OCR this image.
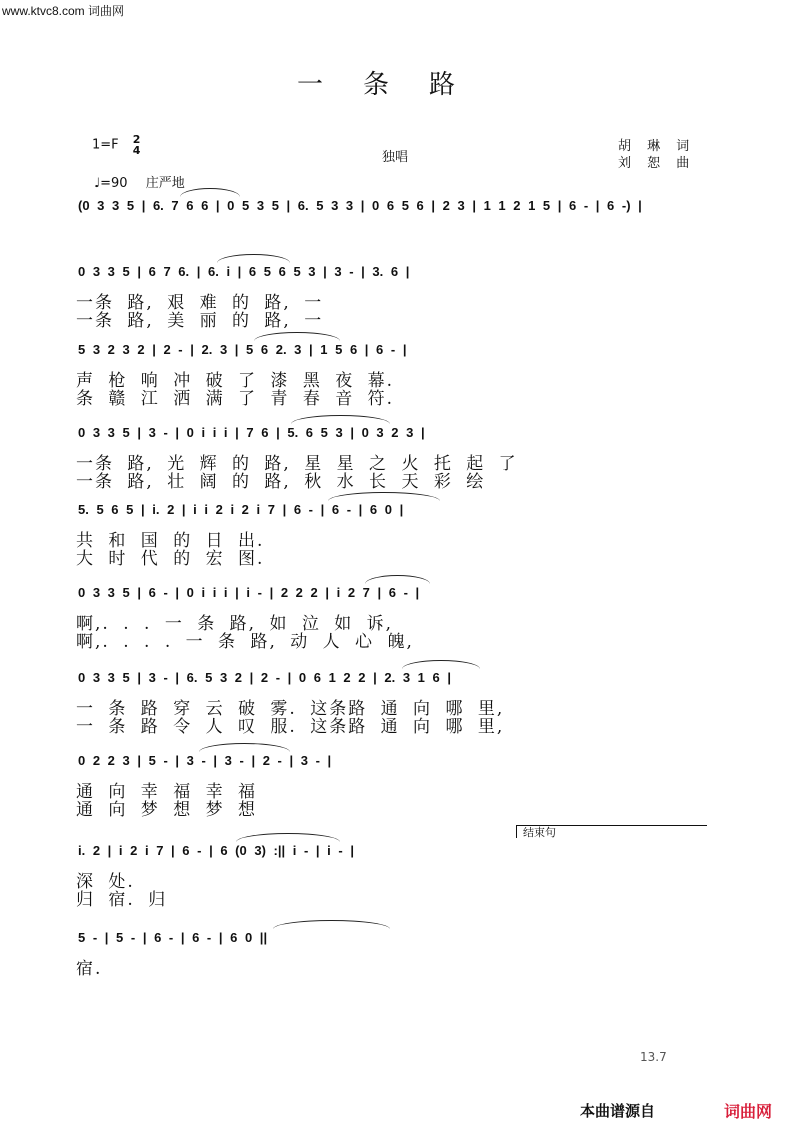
www.ktvc8.com 词曲网
一条路
1=F 2
4	独唱
胡 琳 词
刘 恕 曲
♩=90 庄严地
(0 3 3 5 | 6. 7 6 6 | 0 5 3 5 | 6. 5 3 3 | 0 6 5 6 | 2 3 | 1 1 2 1 5 | 6 - | 6 -) |
0 3 3 5 | 6 7 6. | 6. i | 6 5 6 5 3 | 3 - | 3. 6 |
一条 路, 艰 难 的 路, 一
一条 路, 美 丽 的 路, 一
5 3 2 3 2 | 2 - | 2. 3 | 5 6 2. 3 | 1 5 6 | 6 - |
声 枪 响 冲 破 了 漆 黑 夜 幕.
条 赣 江 洒 满 了 青 春 音 符.
0 3 3 5 | 3 - | 0 i i i | 7 6 | 5. 6 5 3 | 0 3 2 3 |
一条 路, 光 辉 的 路, 星 星 之 火 托 起 了
一条 路, 壮 阔 的 路, 秋 水 长 天 彩 绘
5. 5 6 5 | i. 2 | i i 2 i 2 i 7 | 6 - | 6 - | 6 0 |
共 和 国 的 日 出.
大 时 代 的 宏 图.
0 3 3 5 | 6 - | 0 i i i | i - | 2 2 2 | i 2 7 | 6 - |
啊,. . . 一 条 路, 如 泣 如 诉,
啊,. . . . 一 条 路, 动 人 心 魄,
0 3 3 5 | 3 - | 6. 5 3 2 | 2 - | 0 6 1 2 2 | 2. 3 1 6 |
一 条 路 穿 云 破 雾. 这条路 通 向 哪 里,
一 条 路 令 人 叹 服. 这条路 通 向 哪 里,
0 2 2 3 | 5 - | 3 - | 3 - | 2 - | 3 - |
通 向 幸 福 幸 福
通 向 梦 想 梦 想
i. 2 | i 2 i 7 | 6 - | 6 (0 3) :|| i - | i - |
结束句
深 处.
归 宿. 归
5 - | 5 - | 6 - | 6 - | 6 0 ||
宿.
13.7
本曲谱源自	词曲网
